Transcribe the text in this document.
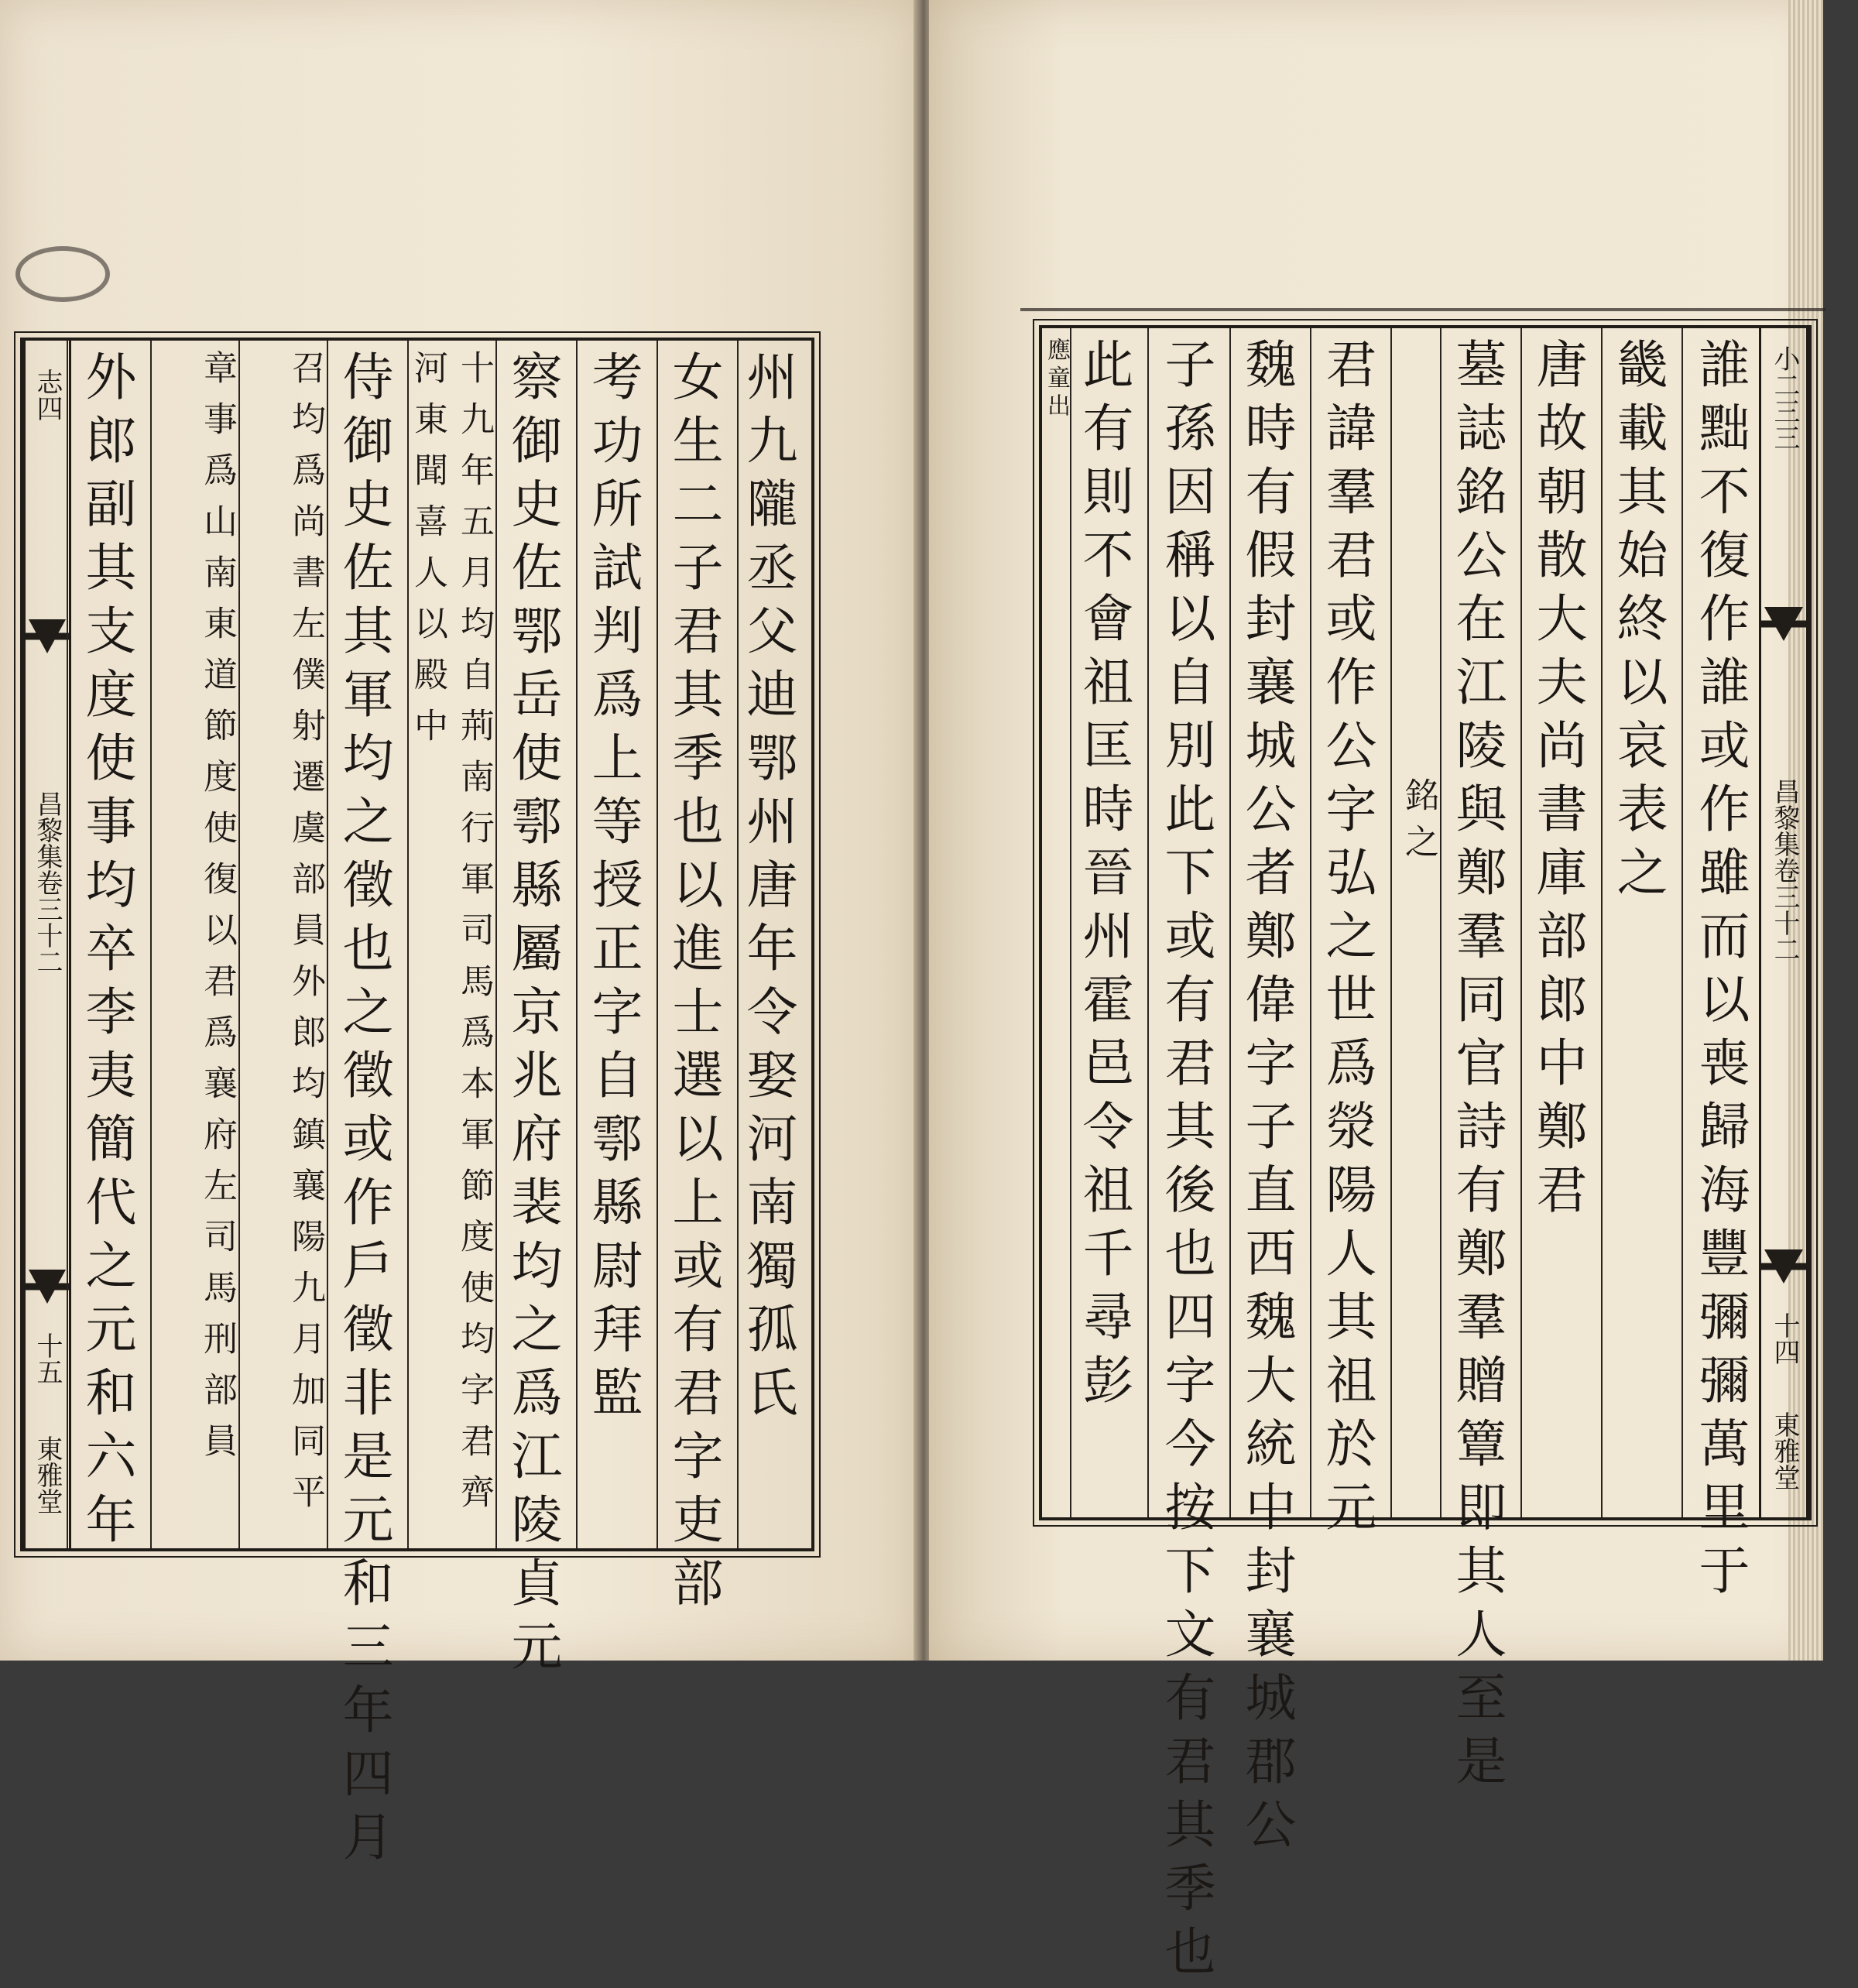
志四
昌黎集卷三十二
十五
東雅堂
州九隴丞父迪鄂州唐年令娶河南獨孤氏
女生二子君其季也以進士選以上或有君字吏部
考功所試判爲上等授正字自鄠縣尉拜監
察御史佐鄂岳使鄠縣屬京兆府裴均之爲江陵貞元
十九年五月均自荊南行軍司馬爲本軍節度使均字君齊河東聞喜人以殿中
侍御史佐其軍均之徵也之徵或作戶徵非是元和三年四月
召均爲尚書左僕射遷虞部員外郎均鎮襄陽九月加同平
章事爲山南東道節度使復以君爲襄府左司馬刑部員
外郎副其支度使事均卒李夷簡代之元和六年	小二三三
昌黎集卷三十二
十四
東雅堂
誰黜不復作誰或作雖而以喪歸海豐彌彌萬里于
畿載其始終以哀表之
唐故朝散大夫尚書庫部郎中鄭君
墓誌銘公在江陵與鄭羣同官詩有鄭羣贈簟即其人至是
銘之
君諱羣君或作公字弘之世爲滎陽人其祖於元
魏時有假封襄城公者鄭偉字子直西魏大統中封襄城郡公
子孫因稱以自別此下或有君其後也四字今按下文有君其季也
此有則不會祖匡時晉州霍邑令祖千尋彭
應童出
